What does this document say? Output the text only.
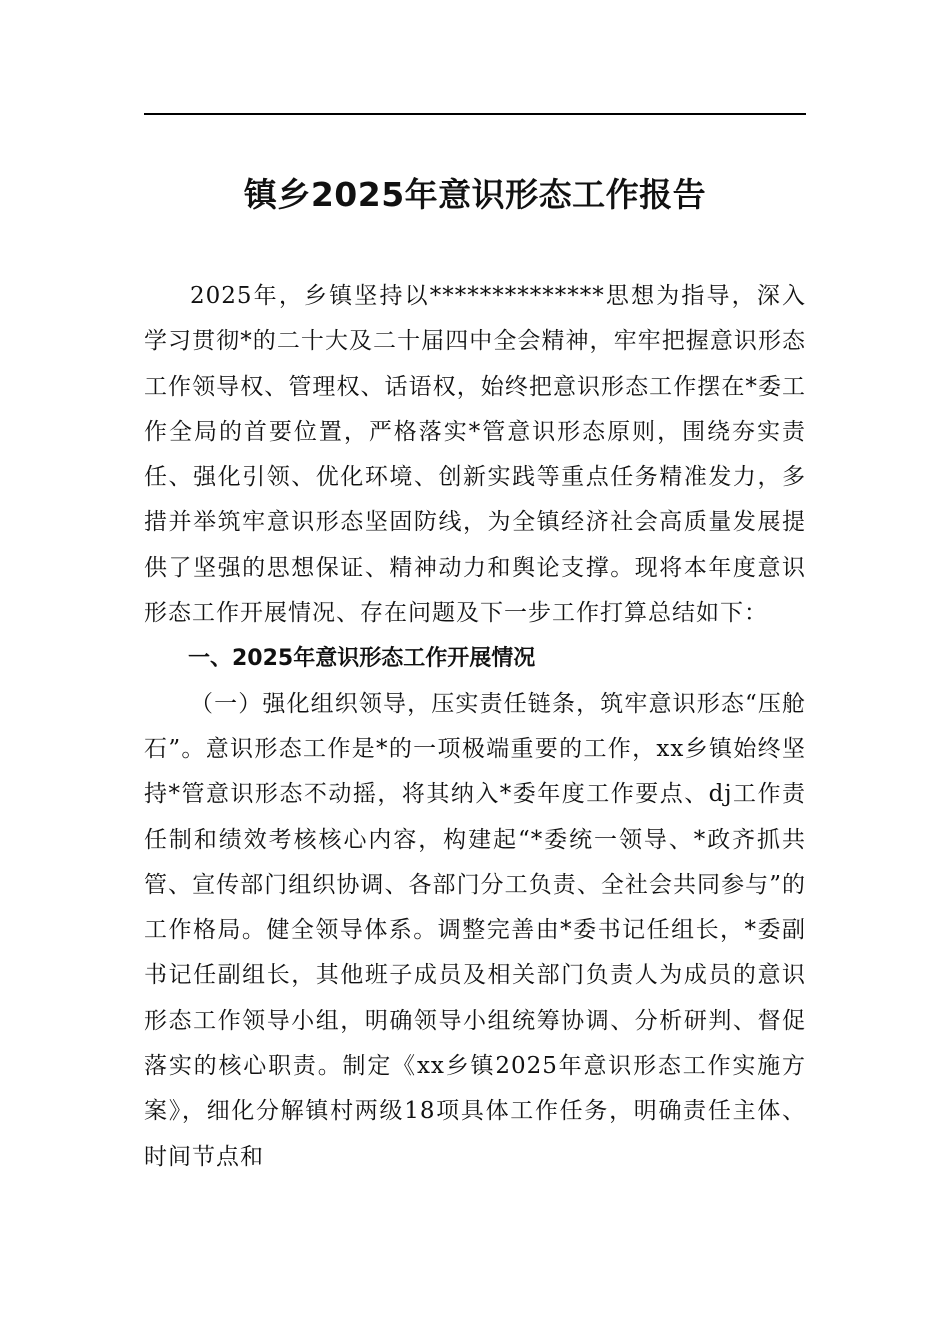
镇乡2025年意识形态工作报告

2025年，乡镇坚持以**************思想为指导，深入学习贯彻*的二十大及二十届四中全会精神，牢牢把握意识形态工作领导权、管理权、话语权，始终把意识形态工作摆在*委工作全局的首要位置，严格落实*管意识形态原则，围绕夯实责任、强化引领、优化环境、创新实践等重点任务精准发力，多措并举筑牢意识形态坚固防线，为全镇经济社会高质量发展提供了坚强的思想保证、精神动力和舆论支撑。现将本年度意识形态工作开展情况、存在问题及下一步工作打算总结如下：

一、2025年意识形态工作开展情况

（一）强化组织领导，压实责任链条，筑牢意识形态“压舱石”。意识形态工作是*的一项极端重要的工作，xx乡镇始终坚持*管意识形态不动摇，将其纳入*委年度工作要点、dj工作责任制和绩效考核核心内容，构建起“*委统一领导、*政齐抓共管、宣传部门组织协调、各部门分工负责、全社会共同参与”的工作格局。健全领导体系。调整完善由*委书记任组长，*委副书记任副组长，其他班子成员及相关部门负责人为成员的意识形态工作领导小组，明确领导小组统筹协调、分析研判、督促落实的核心职责。制定《xx乡镇2025年意识形态工作实施方案》，细化分解镇村两级18项具体工作任务，明确责任主体、时间节点和
